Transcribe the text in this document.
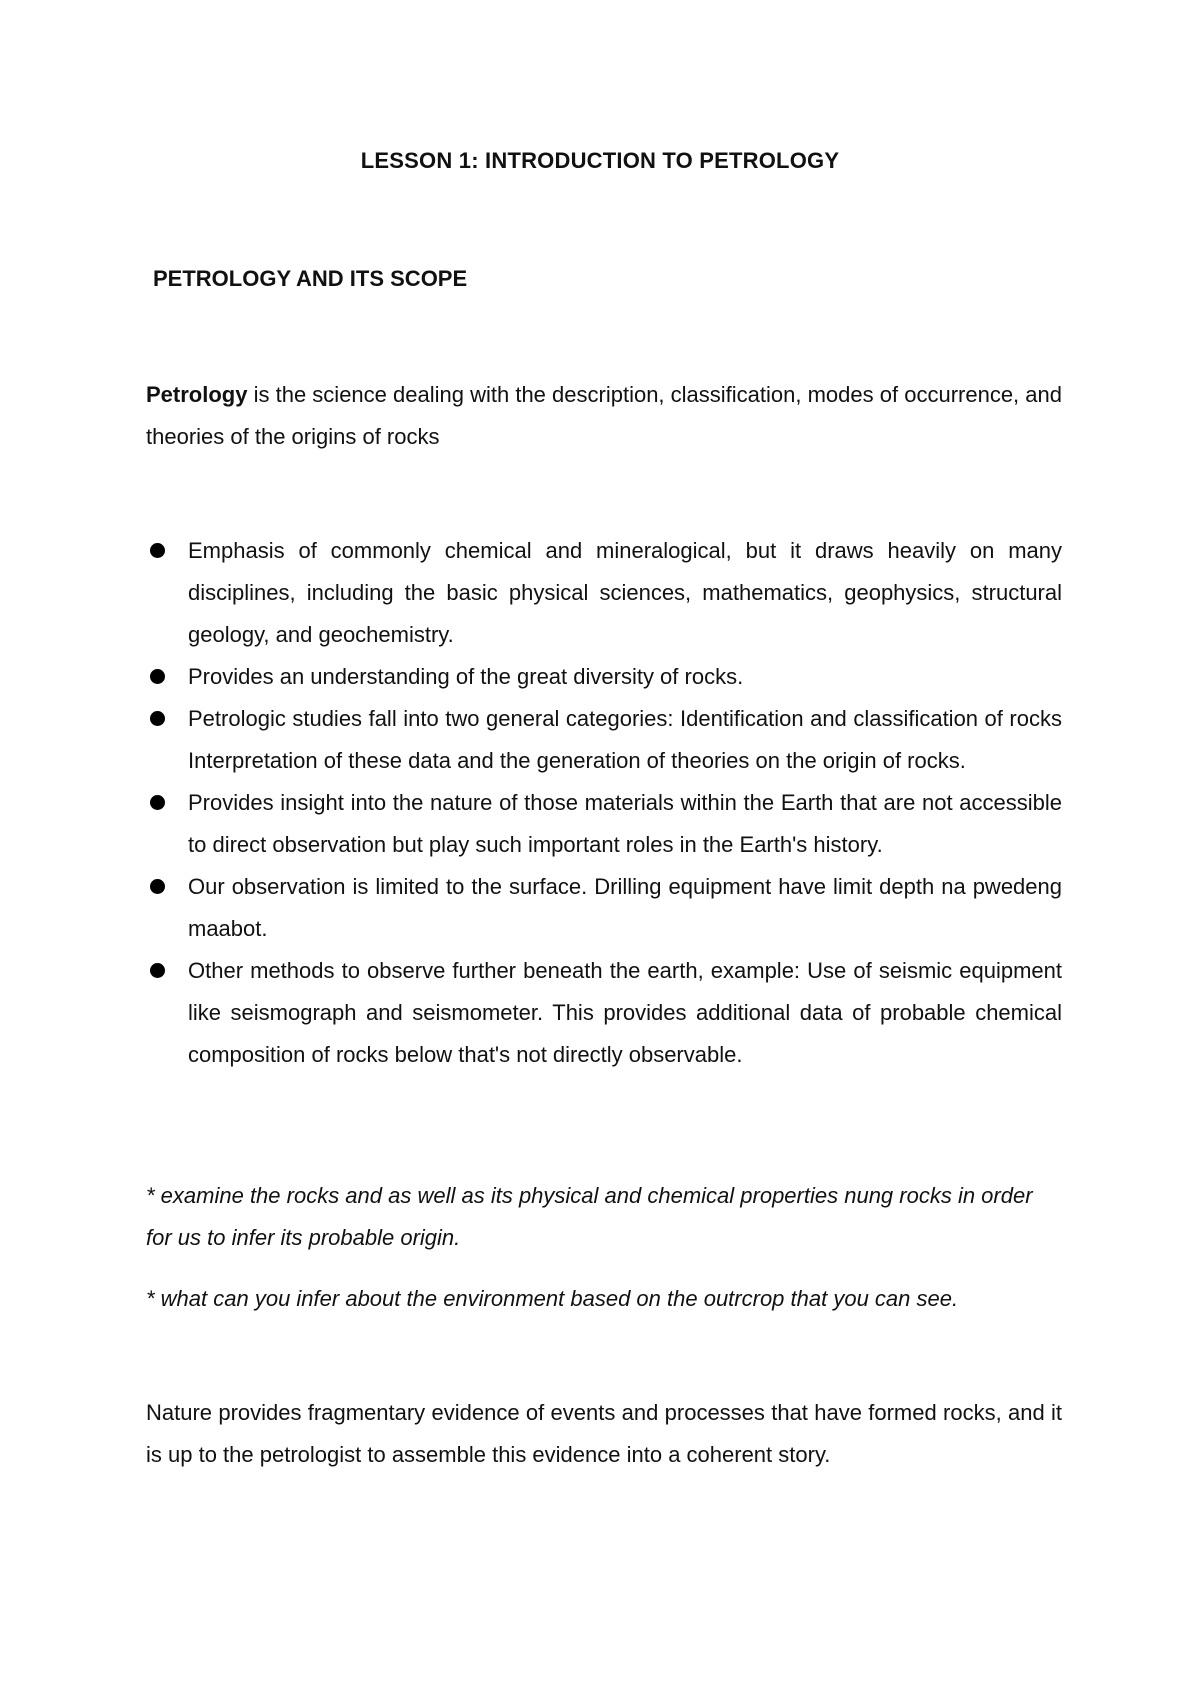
LESSON 1: INTRODUCTION TO PETROLOGY
PETROLOGY AND ITS SCOPE
Petrology is the science dealing with the description, classification, modes of occurrence, and theories of the origins of rocks
Emphasis of commonly chemical and mineralogical, but it draws heavily on many disciplines, including the basic physical sciences, mathematics, geophysics, structural geology, and geochemistry.
Provides an understanding of the great diversity of rocks.
Petrologic studies fall into two general categories: Identification and classification of rocks Interpretation of these data and the generation of theories on the origin of rocks.
Provides insight into the nature of those materials within the Earth that are not accessible to direct observation but play such important roles in the Earth's history.
Our observation is limited to the surface. Drilling equipment have limit depth na pwedeng maabot.
Other methods to observe further beneath the earth, example: Use of seismic equipment like seismograph and seismometer. This provides additional data of probable chemical composition of rocks below that's not directly observable.
* examine the rocks and as well as its physical and chemical properties nung rocks in order for us to infer its probable origin.
* what can you infer about the environment based on the outrcrop that you can see.
Nature provides fragmentary evidence of events and processes that have formed rocks, and it is up to the petrologist to assemble this evidence into a coherent story.
